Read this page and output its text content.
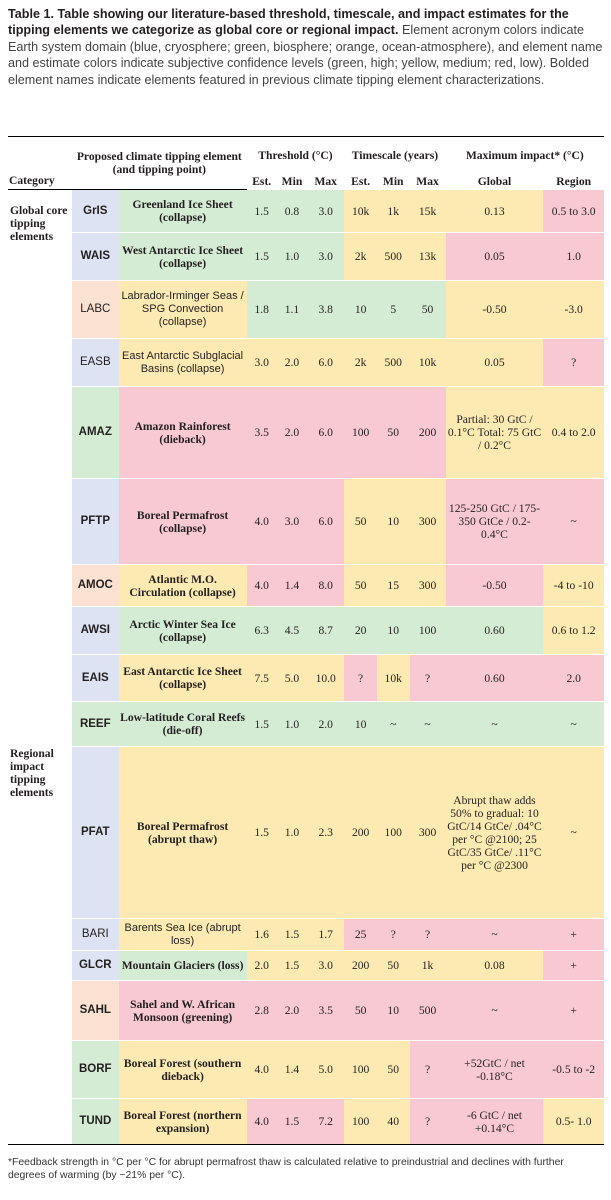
Table 1. Table showing our literature-based threshold, timescale, and impact estimates for the tipping elements we categorize as global core or regional impact. Element acronym colors indicate Earth system domain (blue, cryosphere; green, biosphere; orange, ocean-atmosphere), and element name and estimate colors indicate subjective confidence levels (green, high; yellow, medium; red, low). Bolded element names indicate elements featured in previous climate tipping element characterizations.
Category	Proposed climate tipping element (and tipping point)		Threshold (°C)			Timescale (years)			Maximum impact* (°C)	
			Est.	Min	Max	Est.	Min	Max	Global	Region
Global core tipping elements	GrIS	Greenland Ice Sheet (collapse)	1.5	0.8	3.0	10k	1k	15k	0.13	0.5 to 3.0
	WAIS	West Antarctic Ice Sheet (collapse)	1.5	1.0	3.0	2k	500	13k	0.05	1.0
	LABC	Labrador-Irminger Seas / SPG Convection (collapse)	1.8	1.1	3.8	10	5	50	-0.50	-3.0
	EASB	East Antarctic Subglacial Basins (collapse)	3.0	2.0	6.0	2k	500	10k	0.05	?
	AMAZ	Amazon Rainforest (dieback)	3.5	2.0	6.0	100	50	200	Partial: 30 GtC / 0.1°C Total: 75 GtC / 0.2°C	0.4 to 2.0
	PFTP	Boreal Permafrost (collapse)	4.0	3.0	6.0	50	10	300	125-250 GtC / 175-350 GtCe / 0.2-0.4°C	~
	AMOC	Atlantic M.O. Circulation (collapse)	4.0	1.4	8.0	50	15	300	-0.50	-4 to -10
	AWSI	Arctic Winter Sea Ice (collapse)	6.3	4.5	8.7	20	10	100	0.60	0.6 to 1.2
	EAIS	East Antarctic Ice Sheet (collapse)	7.5	5.0	10.0	?	10k	?	0.60	2.0
Regional impact tipping elements	REEF	Low-latitude Coral Reefs (die-off)	1.5	1.0	2.0	10	~	~	~	~
	PFAT	Boreal Permafrost (abrupt thaw)	1.5	1.0	2.3	200	100	300	Abrupt thaw adds 50% to gradual: 10 GtC/14 GtCe/ .04°C per °C @2100; 25 GtC/35 GtCe/ .11°C per °C @2300	~
	BARI	Barents Sea Ice (abrupt loss)	1.6	1.5	1.7	25	?	?	~	+
	GLCR	Mountain Glaciers (loss)	2.0	1.5	3.0	200	50	1k	0.08	+
	SAHL	Sahel and W. African Monsoon (greening)	2.8	2.0	3.5	50	10	500	~	+
	BORF	Boreal Forest (southern dieback)	4.0	1.4	5.0	100	50	?	+52GtC / net -0.18°C	-0.5 to -2
	TUND	Boreal Forest (northern expansion)	4.0	1.5	7.2	100	40	?	-6 GtC / net +0.14°C	0.5- 1.0
*Feedback strength in °C per °C for abrupt permafrost thaw is calculated relative to preindustrial and declines with further degrees of warming (by ~21% per °C).
